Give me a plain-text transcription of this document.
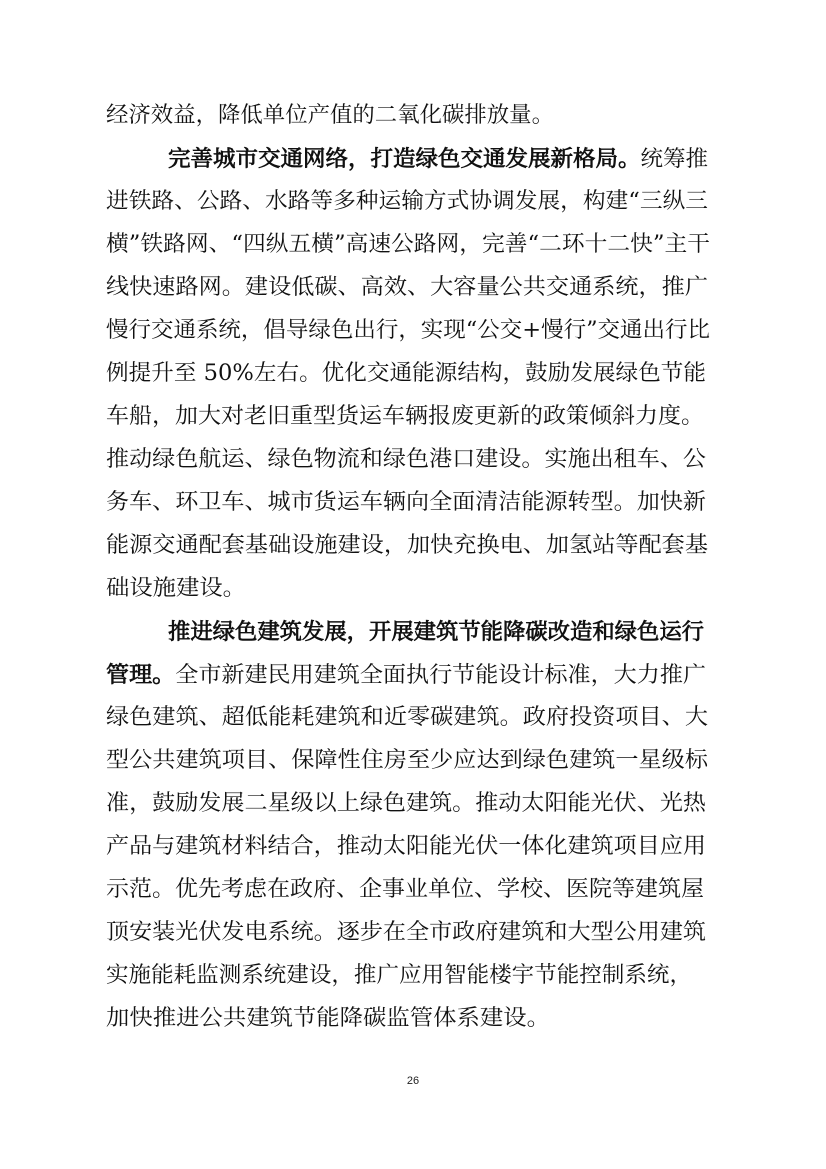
经济效益，降低单位产值的二氧化碳排放量。
完善城市交通网络，打造绿色交通发展新格局。统筹推
进铁路、公路、水路等多种运输方式协调发展，构建“三纵三
横”铁路网、“四纵五横”高速公路网，完善“二环十二快”主干
线快速路网。建设低碳、高效、大容量公共交通系统，推广
慢行交通系统，倡导绿色出行，实现“公交+慢行”交通出行比
例提升至 50%左右。优化交通能源结构，鼓励发展绿色节能
车船，加大对老旧重型货运车辆报废更新的政策倾斜力度。
推动绿色航运、绿色物流和绿色港口建设。实施出租车、公
务车、环卫车、城市货运车辆向全面清洁能源转型。加快新
能源交通配套基础设施建设，加快充换电、加氢站等配套基
础设施建设。
推进绿色建筑发展，开展建筑节能降碳改造和绿色运行
管理。全市新建民用建筑全面执行节能设计标准，大力推广
绿色建筑、超低能耗建筑和近零碳建筑。政府投资项目、大
型公共建筑项目、保障性住房至少应达到绿色建筑一星级标
准，鼓励发展二星级以上绿色建筑。推动太阳能光伏、光热
产品与建筑材料结合，推动太阳能光伏一体化建筑项目应用
示范。优先考虑在政府、企事业单位、学校、医院等建筑屋
顶安装光伏发电系统。逐步在全市政府建筑和大型公用建筑
实施能耗监测系统建设，推广应用智能楼宇节能控制系统，
加快推进公共建筑节能降碳监管体系建设。
26
